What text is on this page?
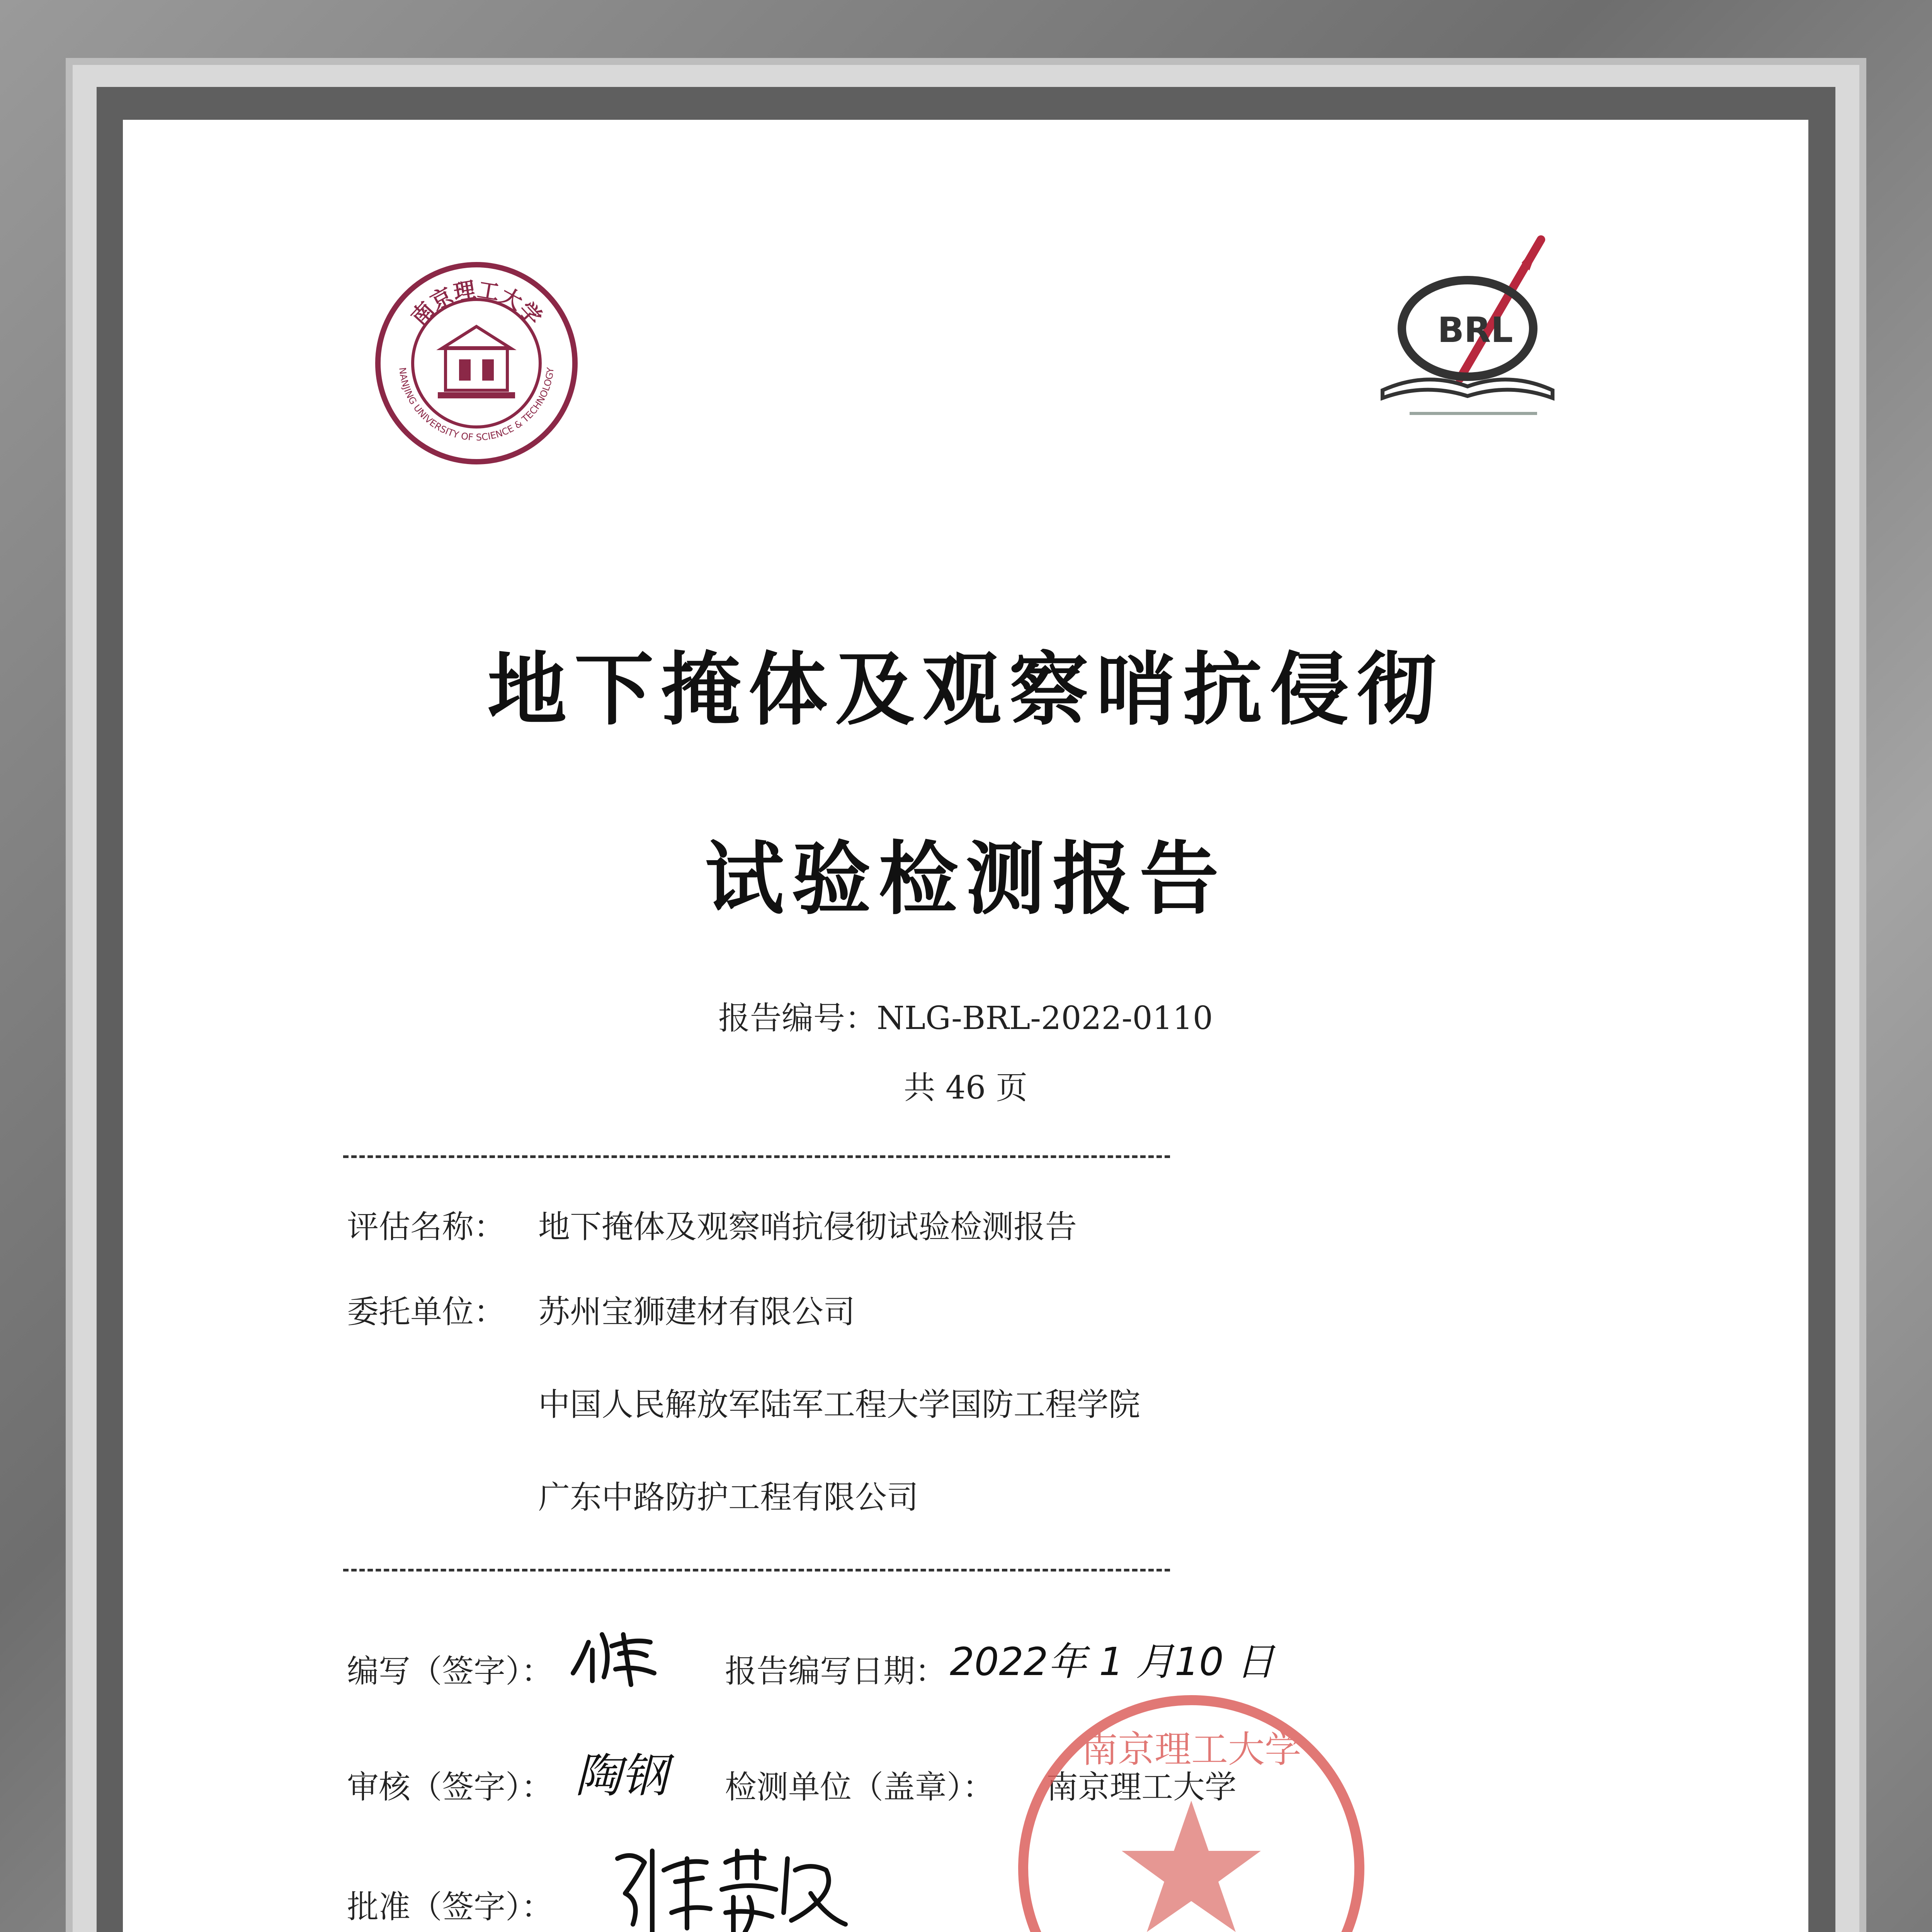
南京理工大学
NANJING UNIVERSITY OF SCIENCE & TECHNOLOGY
BRL
地下掩体及观察哨抗侵彻
试验检测报告
报告编号：NLG-BRL-2022-0110
共 46 页
评估名称： 地下掩体及观察哨抗侵彻试验检测报告
委托单位： 苏州宝狮建材有限公司
中国人民解放军陆军工程大学国防工程学院
广东中路防护工程有限公司
编写（签字）：	报告编写日期： 2022年 1 月10 日
审核（签字）： 陶钢 检测单位（盖章）： 南京理工大学
批准（签字）：
南京理工大学
